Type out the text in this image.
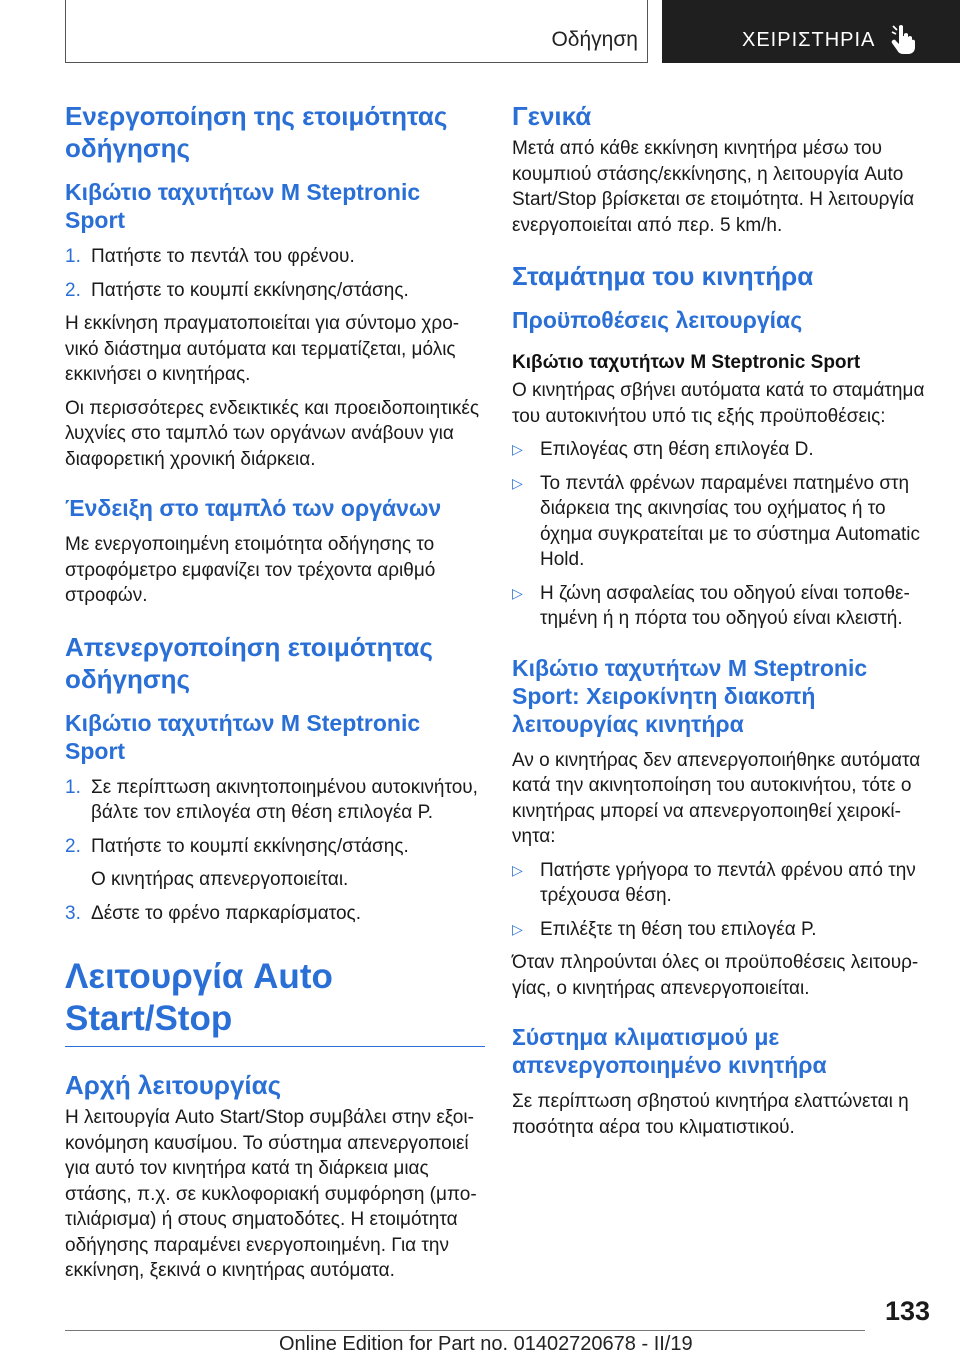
Οδήγηση	ΧΕΙΡΙΣΤΗΡΙΑ
Ενεργοποίηση της ετοιμότητας οδήγησης
Κιβώτιο ταχυτήτων M Steptronic Sport
1. Πατήστε το πεντάλ του φρένου.
2. Πατήστε το κουμπί εκκίνησης/στάσης.
Η εκκίνηση πραγματοποιείται για σύντομο χρονικό διάστημα αυτόματα και τερματίζεται, μόλις εκκινήσει ο κινητήρας.
Οι περισσότερες ενδεικτικές και προειδοποιητικές λυχνίες στο ταμπλό των οργάνων ανάβουν για διαφορετική χρονική διάρκεια.
Ένδειξη στο ταμπλό των οργάνων
Με ενεργοποιημένη ετοιμότητα οδήγησης το στροφόμετρο εμφανίζει τον τρέχοντα αριθμό στροφών.
Απενεργοποίηση ετοιμότητας οδήγησης
Κιβώτιο ταχυτήτων M Steptronic Sport
1. Σε περίπτωση ακινητοποιημένου αυτοκινήτου, βάλτε τον επιλογέα στη θέση επιλογέα P.
2. Πατήστε το κουμπί εκκίνησης/στάσης.
Ο κινητήρας απενεργοποιείται.
3. Δέστε το φρένο παρκαρίσματος.
Λειτουργία Auto Start/Stop
Αρχή λειτουργίας
Η λειτουργία Auto Start/Stop συμβάλει στην εξοικονόμηση καυσίμου. Το σύστημα απενεργοποιεί για αυτό τον κινητήρα κατά τη διάρκεια μιας στάσης, π.χ. σε κυκλοφοριακή συμφόρηση (μποτιλιάρισμα) ή στους σηματοδότες. Η ετοιμότητα οδήγησης παραμένει ενεργοποιημένη. Για την εκκίνηση, ξεκινά ο κινητήρας αυτόματα.
Γενικά
Μετά από κάθε εκκίνηση κινητήρα μέσω του κουμπιού στάσης/εκκίνησης, η λειτουργία Auto Start/Stop βρίσκεται σε ετοιμότητα. Η λειτουργία ενεργοποιείται από περ. 5 km/h.
Σταμάτημα του κινητήρα
Προϋποθέσεις λειτουργίας
Κιβώτιο ταχυτήτων M Steptronic Sport
Ο κινητήρας σβήνει αυτόματα κατά το σταμάτημα του αυτοκινήτου υπό τις εξής προϋποθέσεις:
▷ Επιλογέας στη θέση επιλογέα D.
▷ Το πεντάλ φρένων παραμένει πατημένο στη διάρκεια της ακινησίας του οχήματος ή το όχημα συγκρατείται με το σύστημα Automatic Hold.
▷ Η ζώνη ασφαλείας του οδηγού είναι τοποθετημένη ή η πόρτα του οδηγού είναι κλειστή.
Κιβώτιο ταχυτήτων M Steptronic Sport: Χειροκίνητη διακοπή λειτουργίας κινητήρα
Αν ο κινητήρας δεν απενεργοποιήθηκε αυτόματα κατά την ακινητοποίηση του αυτοκινήτου, τότε ο κινητήρας μπορεί να απενεργοποιηθεί χειροκίνητα:
▷ Πατήστε γρήγορα το πεντάλ φρένου από την τρέχουσα θέση.
▷ Επιλέξτε τη θέση του επιλογέα P.
Όταν πληρούνται όλες οι προϋποθέσεις λειτουργίας, ο κινητήρας απενεργοποιείται.
Σύστημα κλιματισμού με απενεργοποιημένο κινητήρα
Σε περίπτωση σβηστού κινητήρα ελαττώνεται η ποσότητα αέρα του κλιματιστικού.
133
Online Edition for Part no. 01402720678 - II/19
